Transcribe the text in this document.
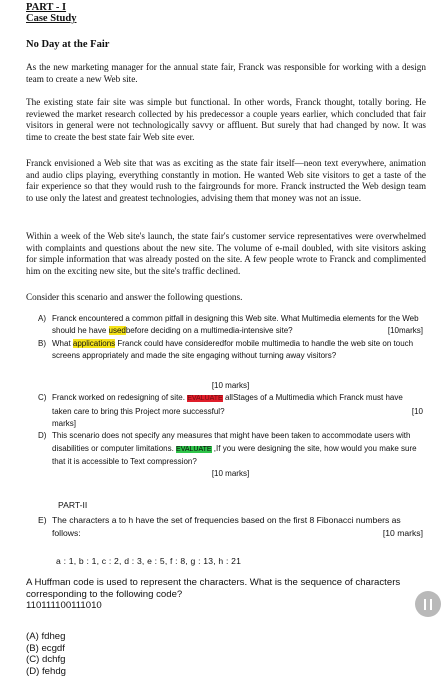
PART - I
Case Study
No Day at the Fair
As the new marketing manager for the annual state fair, Franck was responsible for working with a design team to create a new Web site.
The existing state fair site was simple but functional. In other words, Franck thought, totally boring. He reviewed the market research collected by his predecessor a couple years earlier, which concluded that fair visitors in general were not technologically savvy or affluent. But surely that had changed by now. It was time to create the best state fair Web site ever.
Franck envisioned a Web site that was as exciting as the state fair itself—neon text everywhere, animation and audio clips playing, everything constantly in motion. He wanted Web site visitors to get a taste of the fair experience so that they would rush to the fairgrounds for more. Franck instructed the Web design team to use only the latest and greatest technologies, advising them that money was not an issue.
Within a week of the Web site's launch, the state fair's customer service representatives were overwhelmed with complaints and questions about the new site. The volume of e-mail doubled, with site visitors asking for simple information that was already posted on the site. A few people wrote to Franck and complimented him on the exciting new site, but the site's traffic declined.
Consider this scenario and answer the following questions.
A) Franck encountered a common pitfall in designing this Web site. What Multimedia elements for the Web should he have usedbefore deciding on a multimedia-intensive site?	[10marks]
B) What applications Franck could have consideredfor mobile multimedia to handle the web site on touch screens appropriately and made the site engaging without turning away visitors?
[10 marks]
C) Franck worked on redesigning of site. EVALUATE allStages of a Multimedia which Franck must have taken care to bring this Project more successful?	[10
marks]
D) This scenario does not specify any measures that might have been taken to accommodate users with disabilities or computer limitations. EVALUATE ,If you were designing the site, how would you make sure that it is accessible to Text compression?
[10 marks]
PART-II
E) The characters a to h have the set of frequencies based on the first 8 Fibonacci numbers as follows:	[10 marks]
a : 1, b : 1, c : 2, d : 3, e : 5, f : 8, g : 13, h : 21
A Huffman code is used to represent the characters. What is the sequence of characters corresponding to the following code?
110111100111010
(A) fdheg
(B) ecgdf
(C) dchfg
(D) fehdg
